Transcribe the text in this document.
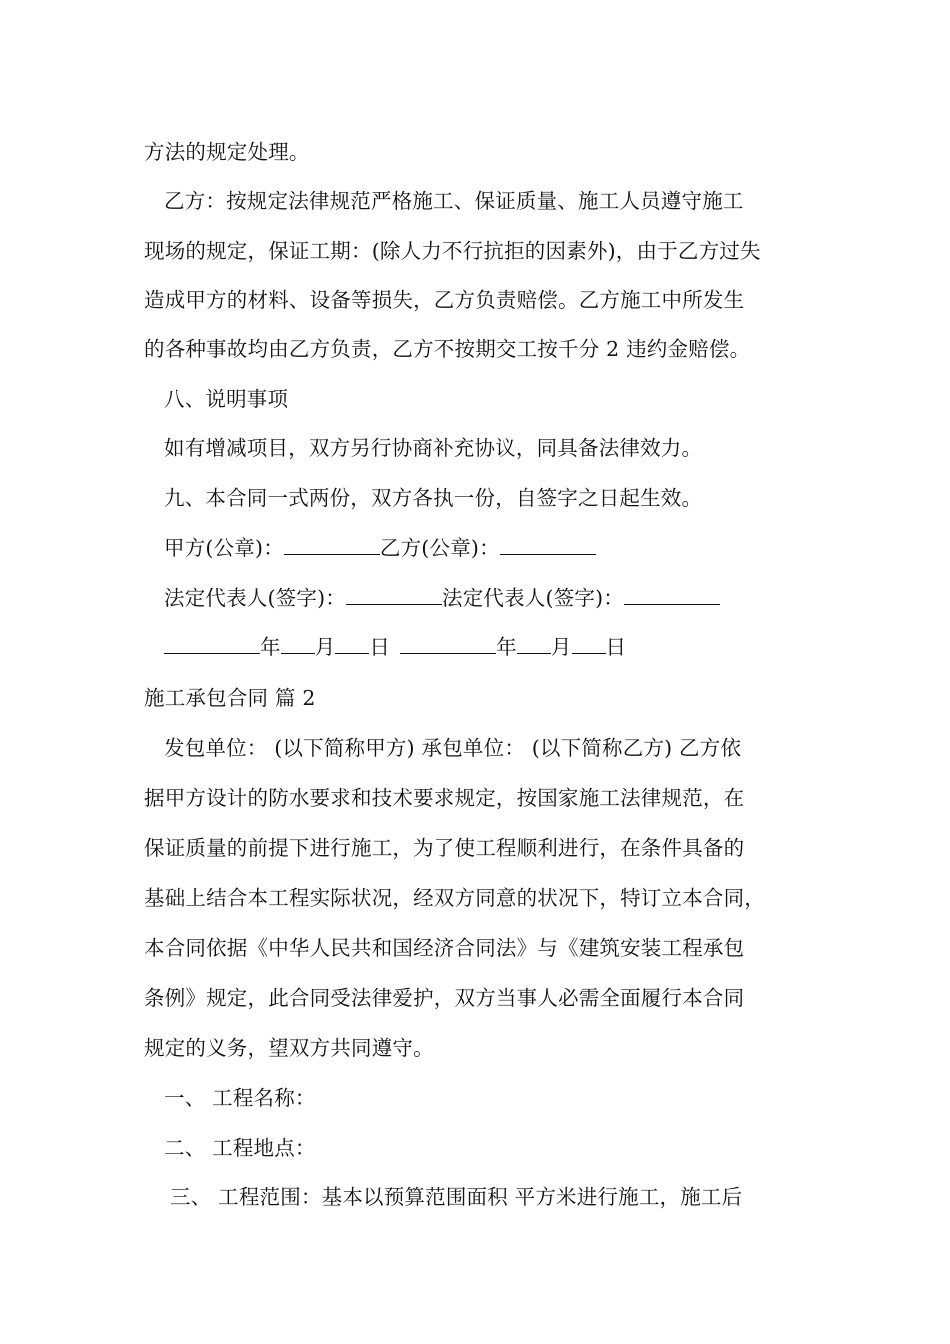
方法的规定处理。
乙方：按规定法律规范严格施工、保证质量、施工人员遵守施工
现场的规定，保证工期：(除人力不行抗拒的因素外)，由于乙方过失
造成甲方的材料、设备等损失，乙方负责赔偿。乙方施工中所发生
的各种事故均由乙方负责，乙方不按期交工按千分 2 违约金赔偿。
八、说明事项
如有增减项目，双方另行协商补充协议，同具备法律效力。
九、本合同一式两份，双方各执一份，自签字之日起生效。
甲方(公章)：	乙方(公章)：
法定代表人(签字)：	法定代表人(签字)：
年 月 日	年 月 日
施工承包合同 篇 2
发包单位： (以下简称甲方) 承包单位： (以下简称乙方) 乙方依
据甲方设计的防水要求和技术要求规定，按国家施工法律规范，在
保证质量的前提下进行施工，为了使工程顺利进行，在条件具备的
基础上结合本工程实际状况，经双方同意的状况下，特订立本合同，
本合同依据《中华人民共和国经济合同法》与《建筑安装工程承包
条例》规定，此合同受法律爱护，双方当事人必需全面履行本合同
规定的义务，望双方共同遵守。
一、 工程名称：
二、 工程地点：
三、 工程范围：基本以预算范围面积 平方米进行施工，施工后
